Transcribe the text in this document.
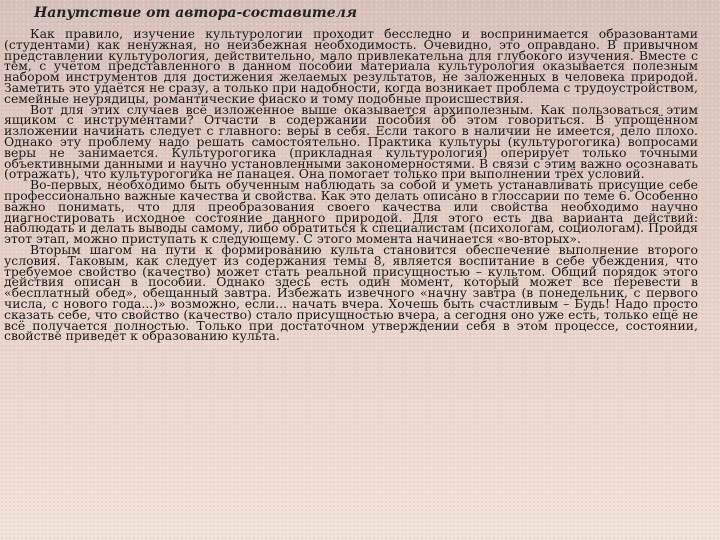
Напутствие от автора-составителя

Как правило, изучение культурологии проходит бесследно и воспринимается образовантами (студентами) как ненужная, но неизбежная необходимость. Очевидно, это оправдано. В привычном представлении культурология, действительно, мало привлекательна для глубокого изучения. Вместе с тем, с учётом представленного в данном пособии материала культурология оказывается полезным набором инструментов для достижения желаемых результатов, не заложенных в человека природой. Заметить это удаётся не сразу, а только при надобности, когда возникает проблема с трудоустройством, семейные неурядицы, романтические фиаско и тому подобные происшествия.

Вот для этих случаев всё изложенное выше оказывается архиполезным. Как пользоваться этим ящиком с инструментами? Отчасти в содержании пособия об этом говориться. В упрощённом изложении начинать следует с главного: веры в себя. Если такого в наличии не имеется, дело плохо. Однако эту проблему надо решать самостоятельно. Практика культуры (культурогогика) вопросами веры не занимается. Культурогогика (прикладная культурология) оперирует только точными объективными данными и научно установленными закономерностями. В связи с этим важно осознавать (отражать), что культурогогика не панацея. Она помогает только при выполнении трёх условий.

Во-первых, необходимо быть обученным наблюдать за собой и уметь устанавливать присущие себе профессионально важные качества и свойства. Как это делать описано в глоссарии по теме 6. Особенно важно понимать, что для преобразования своего качества или свойства необходимо научно диагностировать исходное состояние данного природой. Для этого есть два варианта действий: наблюдать и делать выводы самому, либо обратиться к специалистам (психологам, социологам). Пройдя этот этап, можно приступать к следующему. С этого момента начинается «во-вторых».

Вторым шагом на пути к формированию культа становится обеспечение выполнение второго условия. Таковым, как следует из содержания темы 8, является воспитание в себе убеждения, что требуемое свойство (качество) может стать реальной присущностью – культом. Общий порядок этого действия описан в пособии. Однако здесь есть один момент, который может все перевести в «бесплатный обед», обещанный завтра. Избежать извечного «начну завтра (в понедельник, с первого числа, с нового года...)» возможно, если... начать вчера. Хочешь быть счастливым – Будь! Надо просто сказать себе, что свойство (качество) стало присущностью вчера, а сегодня оно уже есть, только ещё не всё получается полностью. Только при достаточном утверждении себя в этом процессе, состоянии, свойстве приведёт к образованию культа.
